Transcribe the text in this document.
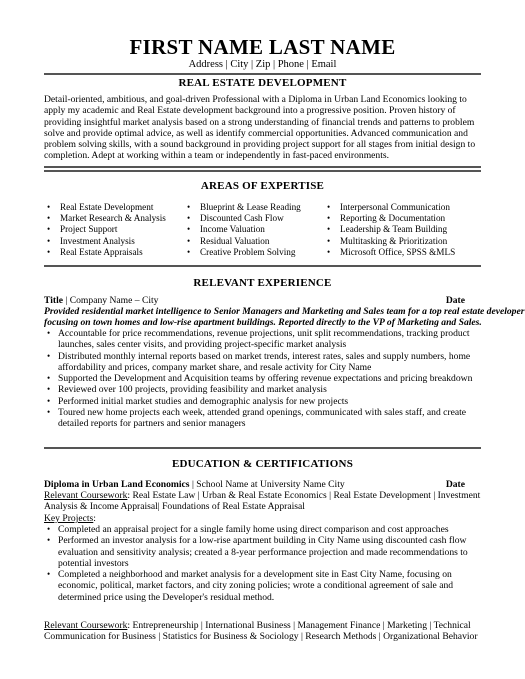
FIRST NAME LAST NAME
Address | City | Zip | Phone | Email
REAL ESTATE DEVELOPMENT
Detail-oriented, ambitious, and goal-driven Professional with a Diploma in Urban Land Economics looking to
apply my academic and Real Estate development background into a progressive position. Proven history of
providing insightful market analysis based on a strong understanding of financial trends and patterns to problem
solve and provide optimal advice, as well as identify commercial opportunities. Advanced communication and
problem solving skills, with a sound background in providing project support for all stages from initial design to
completion. Adept at working within a team or independently in fast-paced environments.
AREAS OF EXPERTISE
• Real Estate Development
• Market Research & Analysis
• Project Support
• Investment Analysis
• Real Estate Appraisals
• Blueprint & Lease Reading
• Discounted Cash Flow
• Income Valuation
• Residual Valuation
• Creative Problem Solving
• Interpersonal Communication
• Reporting & Documentation
• Leadership & Team Building
• Multitasking & Prioritization
• Microsoft Office, SPSS &MLS
RELEVANT EXPERIENCE
Title | Company Name – City	Date
Provided residential market intelligence to Senior Managers and Marketing and Sales team for a top real estate developer
focusing on town homes and low-rise apartment buildings. Reported directly to the VP of Marketing and Sales.
• Accountable for price recommendations, revenue projections, unit split recommendations, tracking product
launches, sales center visits, and providing project-specific market analysis
• Distributed monthly internal reports based on market trends, interest rates, sales and supply numbers, home
affordability and prices, company market share, and resale activity for City Name
• Supported the Development and Acquisition teams by offering revenue expectations and pricing breakdown
• Reviewed over 100 projects, providing feasibility and market analysis
• Performed initial market studies and demographic analysis for new projects
• Toured new home projects each week, attended grand openings, communicated with sales staff, and create
detailed reports for partners and senior managers
EDUCATION & CERTIFICATIONS
Diploma in Urban Land Economics | School Name at University Name City	Date
Relevant Coursework: Real Estate Law | Urban & Real Estate Economics | Real Estate Development | Investment
Analysis & Income Appraisal| Foundations of Real Estate Appraisal
Key Projects:
• Completed an appraisal project for a single family home using direct comparison and cost approaches
• Performed an investor analysis for a low-rise apartment building in City Name using discounted cash flow
evaluation and sensitivity analysis; created a 8-year performance projection and made recommendations to
potential investors
• Completed a neighborhood and market analysis for a development site in East City Name, focusing on
economic, political, market factors, and city zoning policies; wrote a conditional agreement of sale and
determined price using the Developer's residual method.
Relevant Coursework: Entrepreneurship | International Business | Management Finance | Marketing | Technical
Communication for Business | Statistics for Business & Sociology | Research Methods | Organizational Behavior
